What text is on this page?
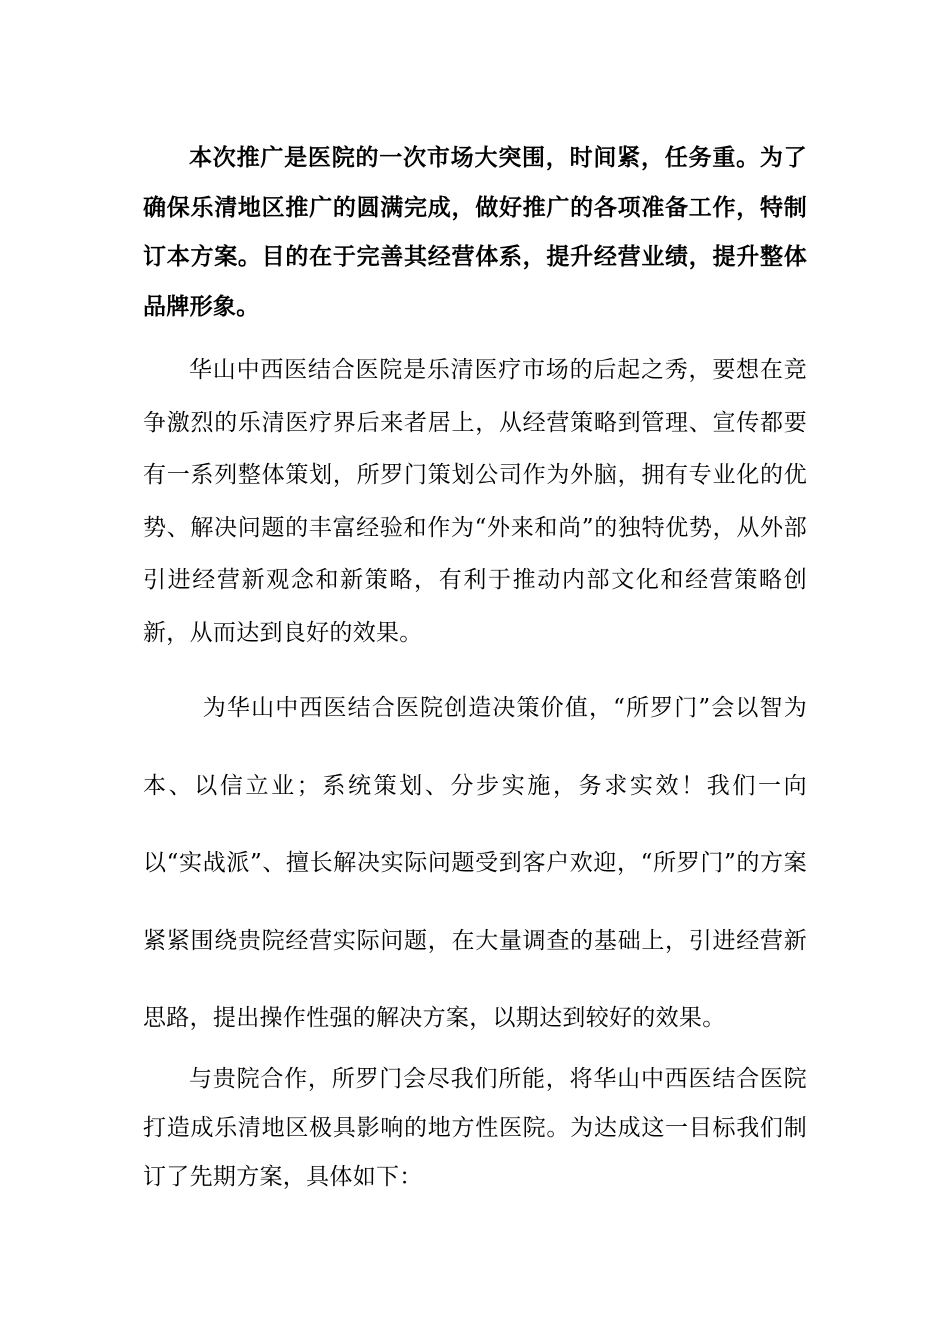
本次推广是医院的一次市场大突围，时间紧，任务重。为了确保乐清地区推广的圆满完成，做好推广的各项准备工作，特制订本方案。目的在于完善其经营体系，提升经营业绩，提升整体品牌形象。

华山中西医结合医院是乐清医疗市场的后起之秀，要想在竞争激烈的乐清医疗界后来者居上，从经营策略到管理、宣传都要有一系列整体策划，所罗门策划公司作为外脑，拥有专业化的优势、解决问题的丰富经验和作为“外来和尚”的独特优势，从外部引进经营新观念和新策略，有利于推动内部文化和经营策略创新，从而达到良好的效果。

为华山中西医结合医院创造决策价值，“所罗门”会以智为本、以信立业；系统策划、分步实施，务求实效！我们一向以“实战派”、擅长解决实际问题受到客户欢迎，“所罗门”的方案紧紧围绕贵院经营实际问题，在大量调查的基础上，引进经营新思路，提出操作性强的解决方案，以期达到较好的效果。

与贵院合作，所罗门会尽我们所能，将华山中西医结合医院打造成乐清地区极具影响的地方性医院。为达成这一目标我们制订了先期方案，具体如下：
